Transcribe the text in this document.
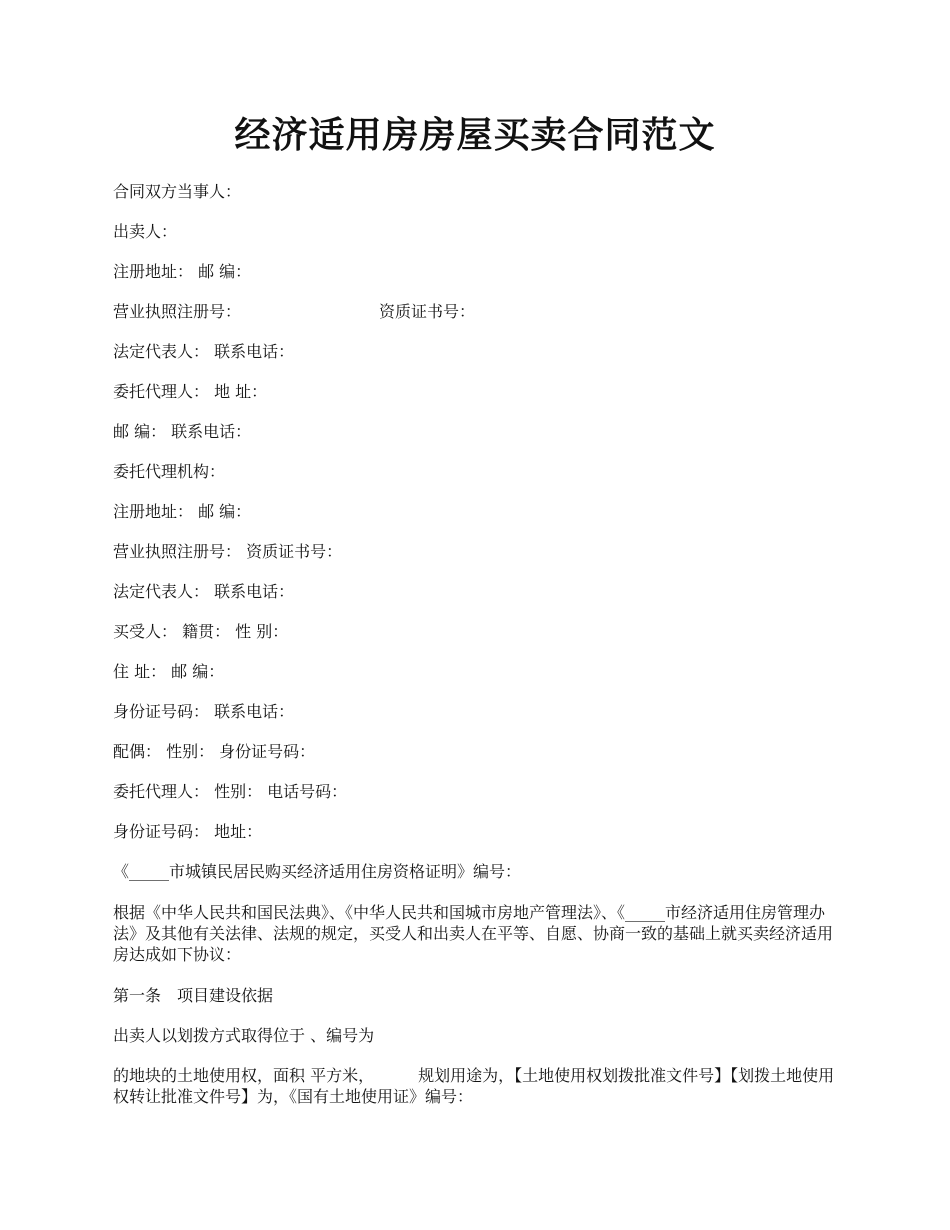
经济适用房房屋买卖合同范文

合同双方当事人：

出卖人：

注册地址： 邮 编：

营业执照注册号：	资质证书号：

法定代表人： 联系电话：

委托代理人： 地 址：

邮 编： 联系电话：

委托代理机构：

注册地址： 邮 编：

营业执照注册号： 资质证书号：

法定代表人： 联系电话：

买受人： 籍贯： 性 别：

住 址： 邮 编：

身份证号码： 联系电话：

配偶： 性别： 身份证号码：

委托代理人： 性别： 电话号码：

身份证号码： 地址：

《_____市城镇民居民购买经济适用住房资格证明》编号：

根据《中华人民共和国民法典》、《中华人民共和国城市房地产管理法》、《_____市经济适用住房管理办法》及其他有关法律、法规的规定，买受人和出卖人在平等、自愿、协商一致的基础上就买卖经济适用房达成如下协议：

第一条　项目建设依据

出卖人以划拨方式取得位于 、编号为

的地块的土地使用权，面积 平方米，	规划用途为，【土地使用权划拨批准文件号】【划拨土地使用权转让批准文件号】为，《国有土地使用证》编号：
